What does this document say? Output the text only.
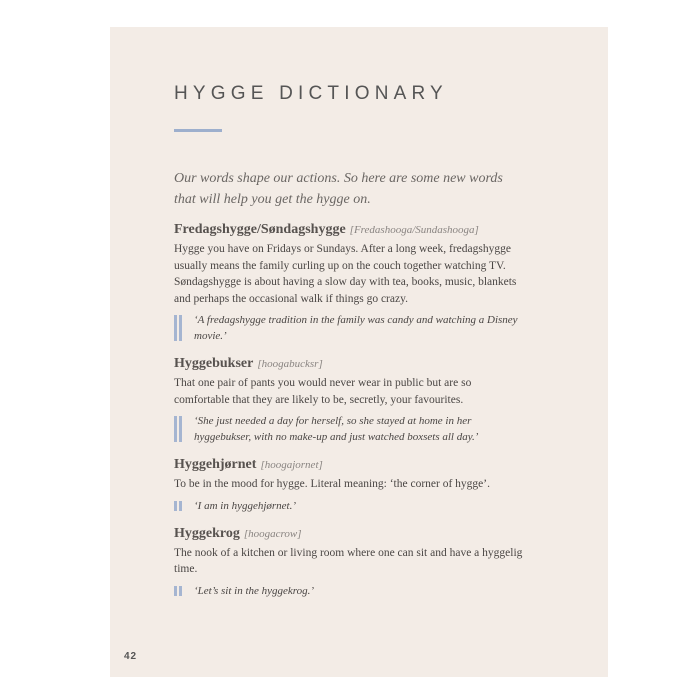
HYGGE DICTIONARY
Our words shape our actions. So here are some new words that will help you get the hygge on.
Fredagshygge/Søndagshygge [Fredashooga/Sundashooga]
Hygge you have on Fridays or Sundays. After a long week, fredagshygge usually means the family curling up on the couch together watching TV. Søndagshygge is about having a slow day with tea, books, music, blankets and perhaps the occasional walk if things go crazy.
‘A fredagshygge tradition in the family was candy and watching a Disney movie.’
Hyggebukser [hoogabucksr]
That one pair of pants you would never wear in public but are so comfortable that they are likely to be, secretly, your favourites.
‘She just needed a day for herself, so she stayed at home in her hyggebukser, with no make-up and just watched boxsets all day.’
Hyggehjørnet [hoogajornet]
To be in the mood for hygge. Literal meaning: ‘the corner of hygge’.
‘I am in hyggehjørnet.’
Hyggekrog [hoogacrow]
The nook of a kitchen or living room where one can sit and have a hyggelig time.
‘Let’s sit in the hyggekrog.’
42
